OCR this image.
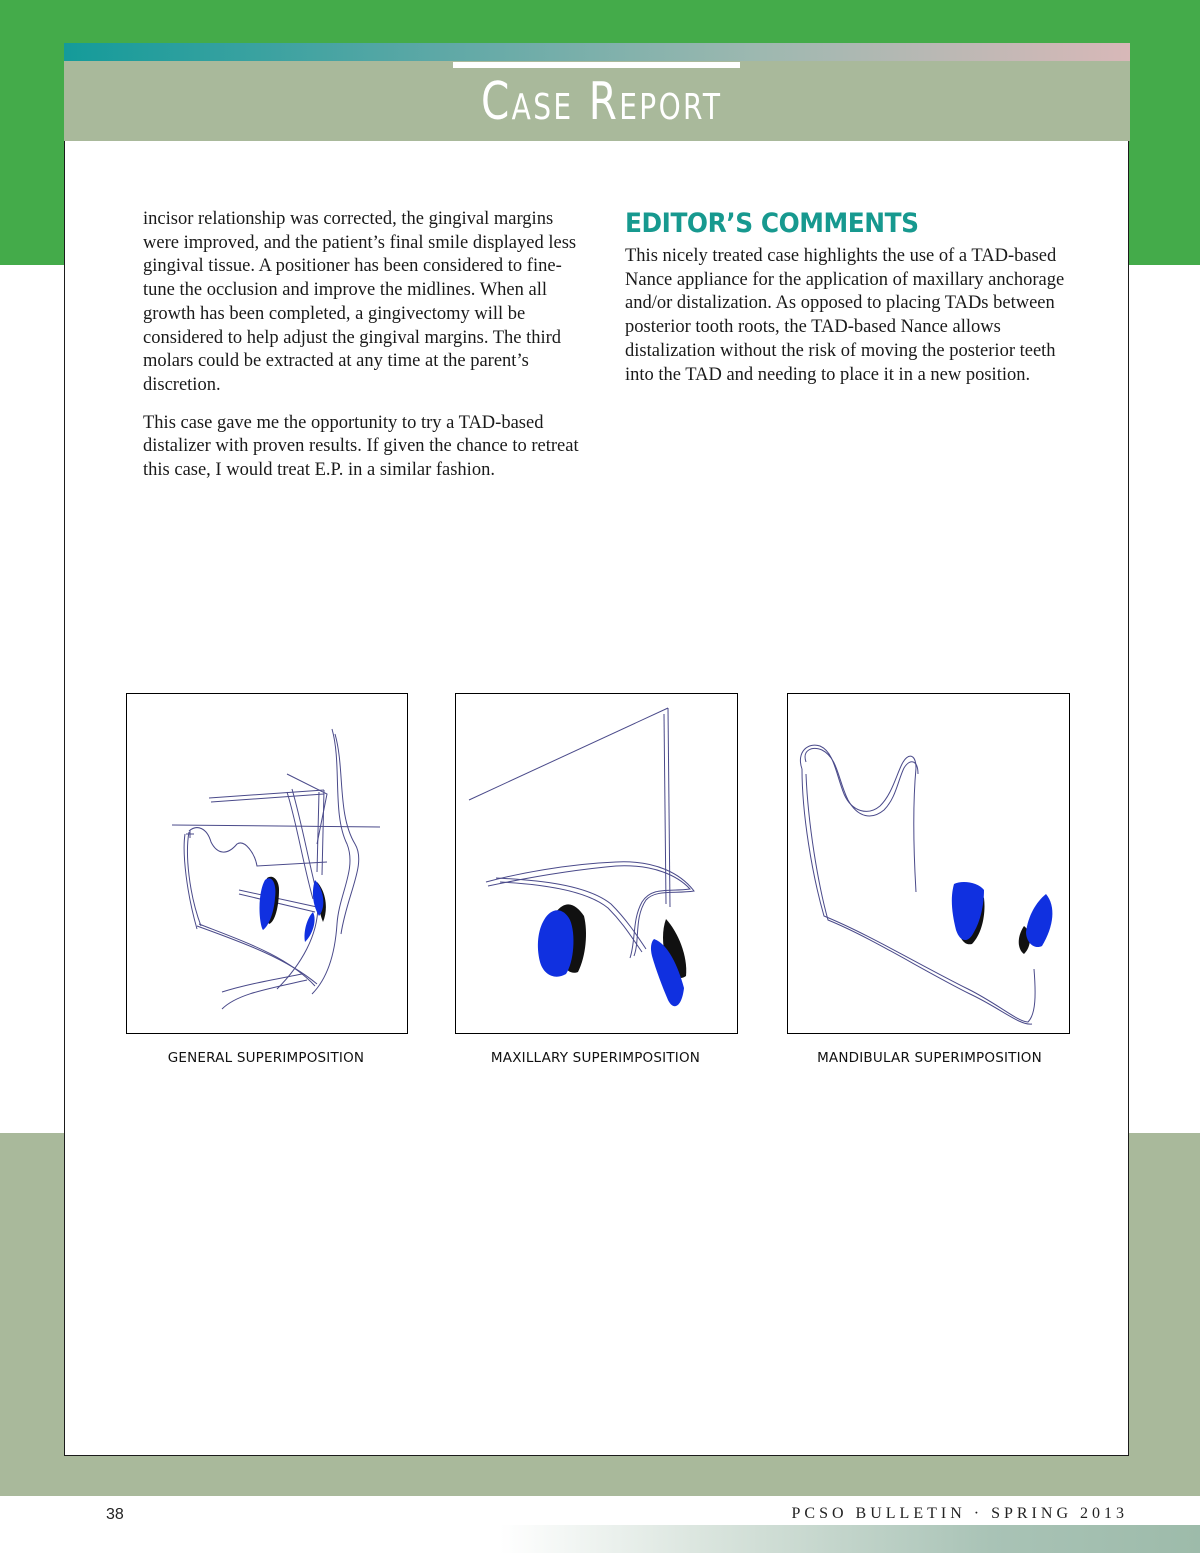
Case Report

incisor relationship was corrected, the gingival margins were improved, and the patient’s final smile displayed less gingival tissue. A positioner has been considered to fine-tune the occlusion and improve the midlines. When all growth has been completed, a gingivectomy will be considered to help adjust the gingival margins. The third molars could be extracted at any time at the parent’s discretion.

This case gave me the opportunity to try a TAD-based distalizer with proven results. If given the chance to retreat this case, I would treat E.P. in a similar fashion.

EDITOR’S COMMENTS

This nicely treated case highlights the use of a TAD-based Nance appliance for the application of maxillary anchorage and/or distalization. As opposed to placing TADs between posterior tooth roots, the TAD-based Nance allows distalization without the risk of moving the posterior teeth into the TAD and needing to place it in a new position.

GENERAL SUPERIMPOSITION	MAXILLARY SUPERIMPOSITION	MANDIBULAR SUPERIMPOSITION
38	PCSO BULLETIN · SPRING 2013
